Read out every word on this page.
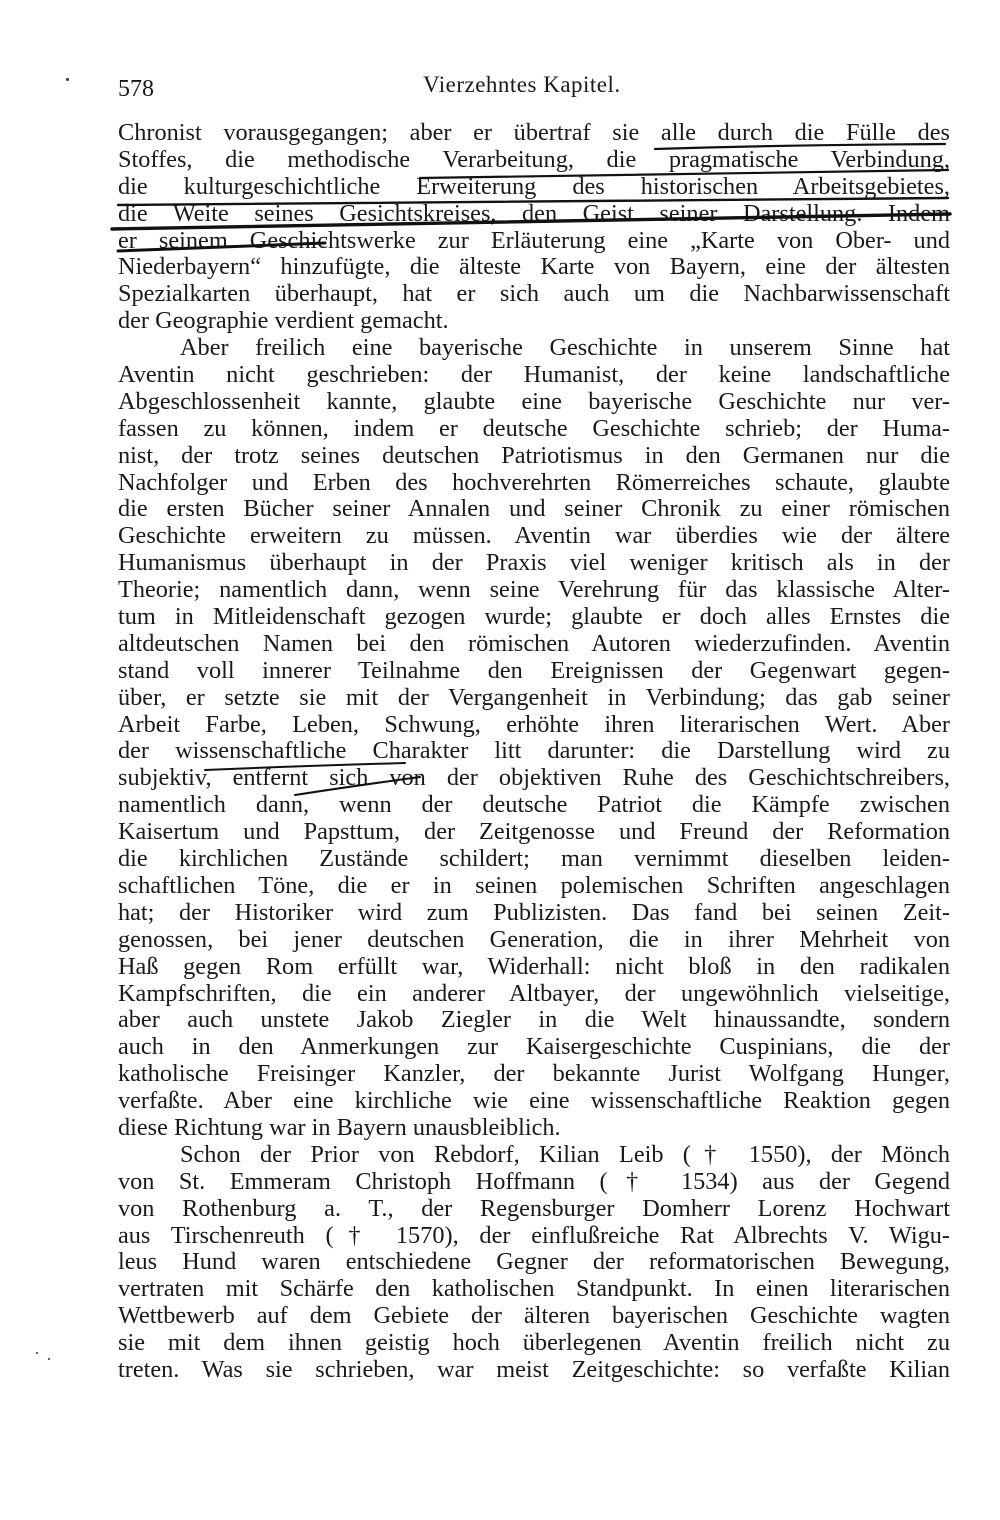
578	Vierzehntes Kapitel.
Chronist vorausgegangen; aber er übertraf sie alle durch die Fülle des
Stoffes, die methodische Verarbeitung, die pragmatische Verbindung,
die kulturgeschichtliche Erweiterung des historischen Arbeitsgebietes,
die Weite seines Gesichtskreises, den Geist seiner Darstellung. Indem
er seinem Geschichtswerke zur Erläuterung eine „Karte von Ober- und
Niederbayern“ hinzufügte, die älteste Karte von Bayern, eine der ältesten
Spezialkarten überhaupt, hat er sich auch um die Nachbarwissenschaft
der Geographie verdient gemacht.
Aber freilich eine bayerische Geschichte in unserem Sinne hat
Aventin nicht geschrieben: der Humanist, der keine landschaftliche
Abgeschlossenheit kannte, glaubte eine bayerische Geschichte nur ver-
fassen zu können, indem er deutsche Geschichte schrieb; der Huma-
nist, der trotz seines deutschen Patriotismus in den Germanen nur die
Nachfolger und Erben des hochverehrten Römerreiches schaute, glaubte
die ersten Bücher seiner Annalen und seiner Chronik zu einer römischen
Geschichte erweitern zu müssen. Aventin war überdies wie der ältere
Humanismus überhaupt in der Praxis viel weniger kritisch als in der
Theorie; namentlich dann, wenn seine Verehrung für das klassische Alter-
tum in Mitleidenschaft gezogen wurde; glaubte er doch alles Ernstes die
altdeutschen Namen bei den römischen Autoren wiederzufinden. Aventin
stand voll innerer Teilnahme den Ereignissen der Gegenwart gegen-
über, er setzte sie mit der Vergangenheit in Verbindung; das gab seiner
Arbeit Farbe, Leben, Schwung, erhöhte ihren literarischen Wert. Aber
der wissenschaftliche Charakter litt darunter: die Darstellung wird zu
subjektiv, entfernt sich von der objektiven Ruhe des Geschichtschreibers,
namentlich dann, wenn der deutsche Patriot die Kämpfe zwischen
Kaisertum und Papsttum, der Zeitgenosse und Freund der Reformation
die kirchlichen Zustände schildert; man vernimmt dieselben leiden-
schaftlichen Töne, die er in seinen polemischen Schriften angeschlagen
hat; der Historiker wird zum Publizisten. Das fand bei seinen Zeit-
genossen, bei jener deutschen Generation, die in ihrer Mehrheit von
Haß gegen Rom erfüllt war, Widerhall: nicht bloß in den radikalen
Kampfschriften, die ein anderer Altbayer, der ungewöhnlich vielseitige,
aber auch unstete Jakob Ziegler in die Welt hinaussandte, sondern
auch in den Anmerkungen zur Kaisergeschichte Cuspinians, die der
katholische Freisinger Kanzler, der bekannte Jurist Wolfgang Hunger,
verfaßte. Aber eine kirchliche wie eine wissenschaftliche Reaktion gegen
diese Richtung war in Bayern unausbleiblich.
Schon der Prior von Rebdorf, Kilian Leib († 1550), der Mönch
von St. Emmeram Christoph Hoffmann († 1534) aus der Gegend
von Rothenburg a. T., der Regensburger Domherr Lorenz Hochwart
aus Tirschenreuth († 1570), der einflußreiche Rat Albrechts V. Wigu-
leus Hund waren entschiedene Gegner der reformatorischen Bewegung,
vertraten mit Schärfe den katholischen Standpunkt. In einen literarischen
Wettbewerb auf dem Gebiete der älteren bayerischen Geschichte wagten
sie mit dem ihnen geistig hoch überlegenen Aventin freilich nicht zu
treten. Was sie schrieben, war meist Zeitgeschichte: so verfaßte Kilian
